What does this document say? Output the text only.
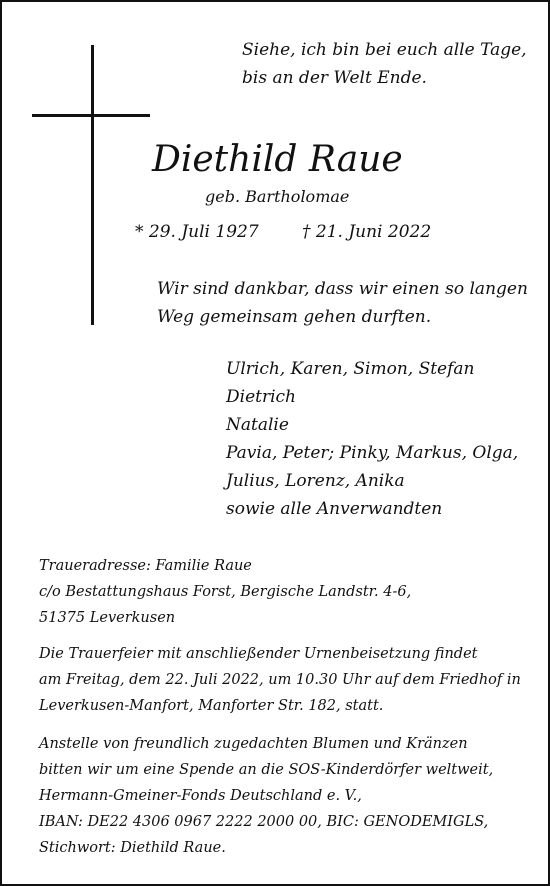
Siehe, ich bin bei euch alle Tage,
bis an der Welt Ende.
Diethild Raue
geb. Bartholomae
* 29. Juli 1927	† 21. Juni 2022
Wir sind dankbar, dass wir einen so langen
Weg gemeinsam gehen durften.
Ulrich, Karen, Simon, Stefan
Dietrich
Natalie
Pavia, Peter; Pinky, Markus, Olga,
Julius, Lorenz, Anika
sowie alle Anverwandten
Traueradresse: Familie Raue
c/o Bestattungshaus Forst, Bergische Landstr. 4-6,
51375 Leverkusen
Die Trauerfeier mit anschließender Urnenbeisetzung findet
am Freitag, dem 22. Juli 2022, um 10.30 Uhr auf dem Friedhof in
Leverkusen-Manfort, Manforter Str. 182, statt.
Anstelle von freundlich zugedachten Blumen und Kränzen
bitten wir um eine Spende an die SOS-Kinderdörfer weltweit,
Hermann-Gmeiner-Fonds Deutschland e. V.,
IBAN: DE22 4306 0967 2222 2000 00, BIC: GENODEMIGLS,
Stichwort: Diethild Raue.
